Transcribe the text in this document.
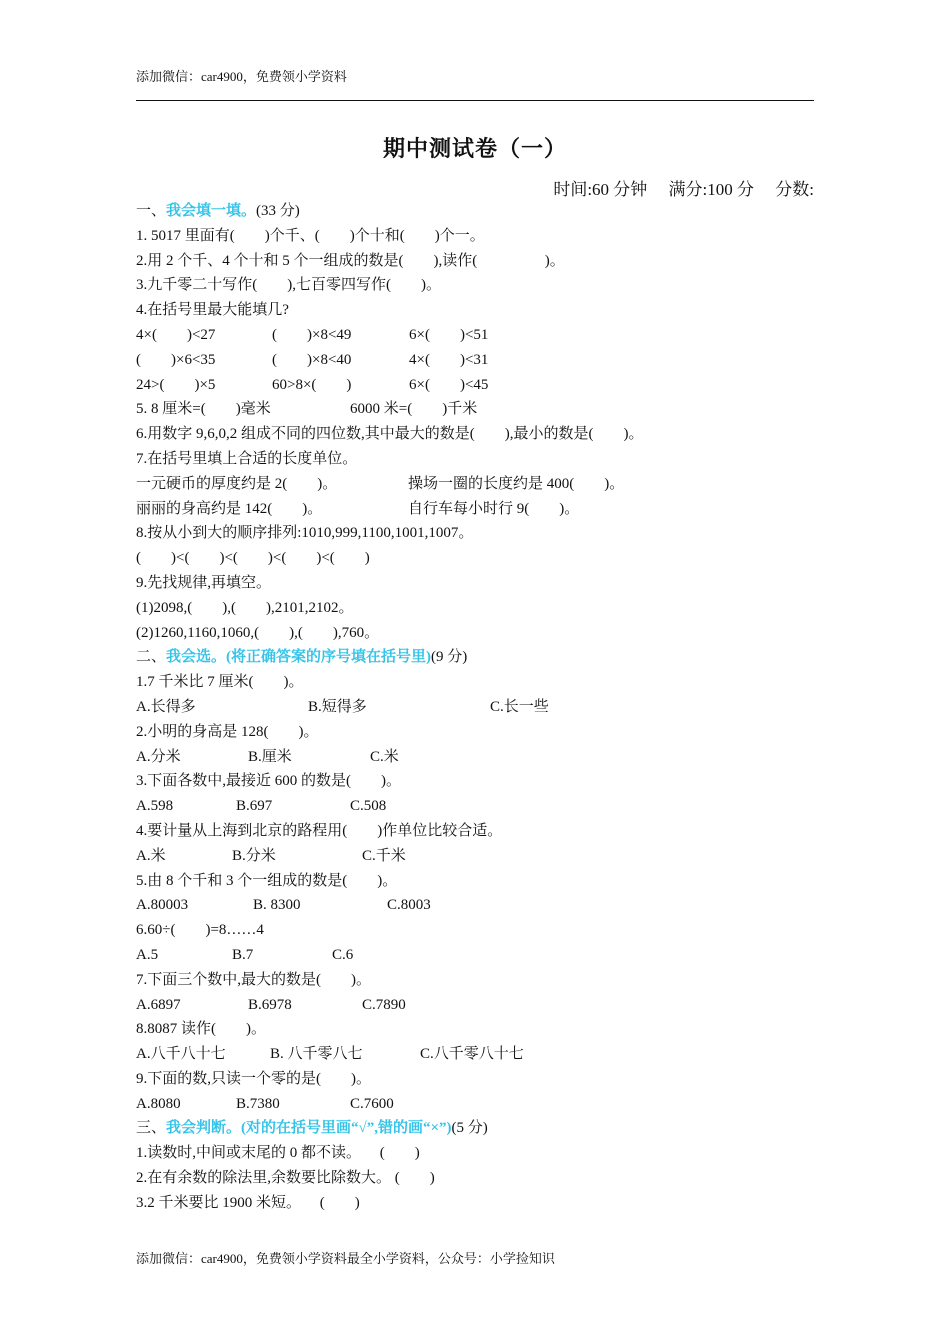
添加微信：car4900，免费领小学资料
期中测试卷（一）
时间:60 分钟     满分:100 分     分数:
一、我会填一填。(33 分)
1. 5017 里面有(        )个千、(        )个十和(        )个一。
2.用 2 个千、4 个十和 5 个一组成的数是(        ),读作(                  )。
3.九千零二十写作(        ),七百零四写作(        )。
4.在括号里最大能填几?

4×(        )<27

	(        )×8<49

	6×(        )<51

(        )×6<35

	(        )×8<40

	4×(        )<31

24>(        )×5

	60>8×(        )

	6×(        )<45

5. 8 厘米=(        )毫米

	6000 米=(        )千米

6.用数字 9,6,0,2 组成不同的四位数,其中最大的数是(        ),最小的数是(        )。
7.在括号里填上合适的长度单位。

一元硬币的厚度约是 2(        )。

	操场一圈的长度约是 400(        )。

丽丽的身高约是 142(        )。

	自行车每小时行 9(        )。

8.按从小到大的顺序排列:1010,999,1100,1001,1007。
(        )<(        )<(        )<(        )<(        )
9.先找规律,再填空。
(1)2098,(        ),(        ),2101,2102。
(2)1260,1160,1060,(        ),(        ),760。
二、我会选。(将正确答案的序号填在括号里)(9 分)
1.7 千米比 7 厘米(        )。

A.长得多

	B.短得多

	C.长一些

2.小明的身高是 128(        )。

A.分米

	B.厘米

	C.米

3.下面各数中,最接近 600 的数是(        )。

A.598

	B.697

	C.508

4.要计量从上海到北京的路程用(        )作单位比较合适。

A.米

	B.分米

	C.千米

5.由 8 个千和 3 个一组成的数是(        )。

A.80003

	B. 8300

	C.8003

6.60÷(        )=8……4

A.5

	B.7

	C.6

7.下面三个数中,最大的数是(        )。

A.6897

	B.6978

	C.7890

8.8087 读作(        )。

A.八千八十七

	B. 八千零八七

	C.八千零八十七

9.下面的数,只读一个零的是(        )。

A.8080

	B.7380

	C.7600

三、我会判断。(对的在括号里画“√”,错的画“×”)(5 分)
1.读数时,中间或末尾的 0 都不读。     (        )
2.在有余数的除法里,余数要比除数大。 (        )
3.2 千米要比 1900 米短。     (        )
添加微信：car4900，免费领小学资料最全小学资料，公众号：小学捡知识
